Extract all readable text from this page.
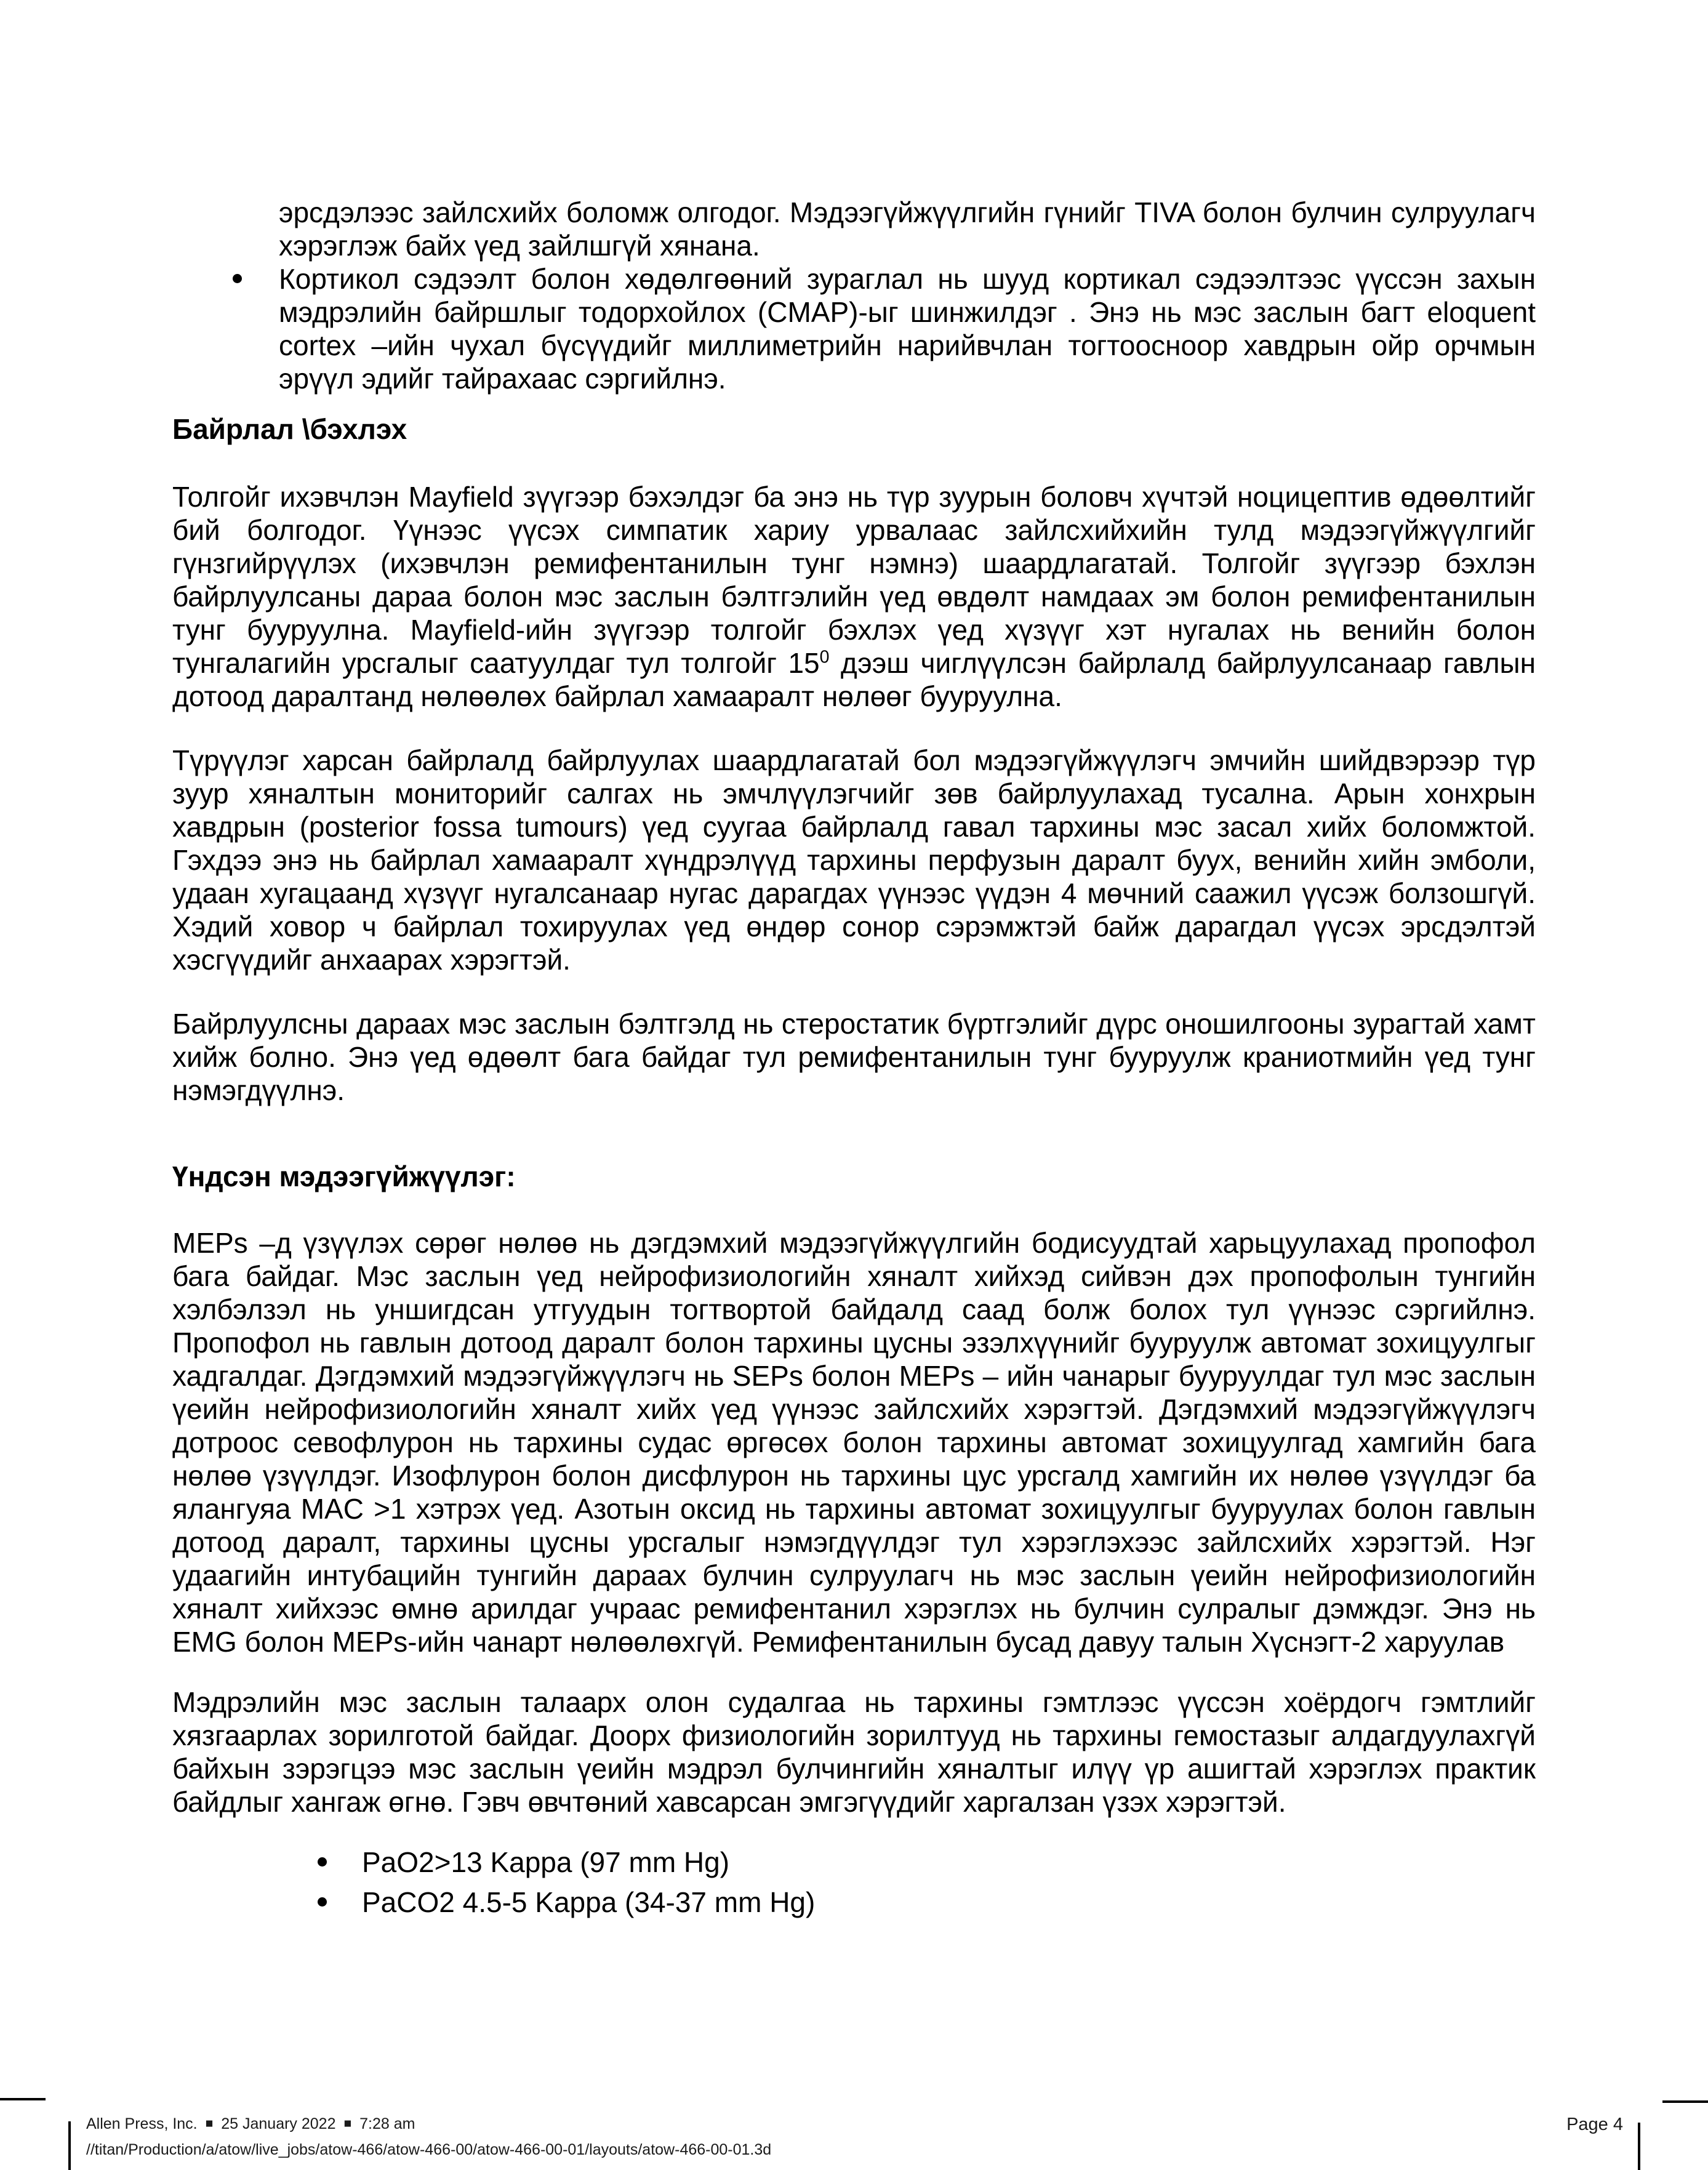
эрсдэлээс зайлсхийх боломж олгодог. Мэдээгүйжүүлгийн гүнийг TIVA болон булчин сулруулагч хэрэглэж байх үед зайлшгүй хянана.
Кортикол сэдээлт болон хөдөлгөөний зураглал нь шууд кортикал сэдээлтээс үүссэн захын мэдрэлийн байршлыг тодорхойлох (CMAP)-ыг шинжилдэг . Энэ нь мэс заслын багт eloquent cortex –ийн чухал бүсүүдийг миллиметрийн нарийвчлан тогтоосноор хавдрын ойр орчмын эрүүл эдийг тайрахаас сэргийлнэ.
Байрлал \бэхлэх

Толгойг ихэвчлэн Mayfield зүүгээр бэхэлдэг ба энэ нь түр зуурын боловч хүчтэй ноцицептив өдөөлтийг бий болгодог. Үүнээс үүсэх симпатик хариу урвалаас зайлсхийхийн тулд мэдээгүйжүүлгийг гүнзгийрүүлэх (ихэвчлэн ремифентанилын тунг нэмнэ) шаардлагатай. Толгойг зүүгээр бэхлэн байрлуулсаны дараа болон мэс заслын бэлтгэлийн үед өвдөлт намдаах эм болон ремифентанилын тунг бууруулна. Mayfield-ийн зүүгээр толгойг бэхлэх үед хүзүүг хэт нугалах нь венийн болон тунгалагийн урсгалыг саатуулдаг тул толгойг $15^0$ дээш чиглүүлсэн байрлалд байрлуулсанаар гавлын дотоод даралтанд нөлөөлөх байрлал хамааралт нөлөөг бууруулна.

Түрүүлэг харсан байрлалд байрлуулах шаардлагатай бол мэдээгүйжүүлэгч эмчийн шийдвэрээр түр зуур хяналтын мониторийг салгах нь эмчлүүлэгчийг зөв байрлуулахад тусална. Арын хонхрын хавдрын (posterior fossa tumours) үед суугаа байрлалд гавал тархины мэс засал хийх боломжтой. Гэхдээ энэ нь байрлал хамааралт хүндрэлүүд тархины перфузын даралт буух, венийн хийн эмболи, удаан хугацаанд хүзүүг нугалсанаар нугас дарагдах үүнээс үүдэн 4 мөчний саажил үүсэж болзошгүй. Хэдий ховор ч байрлал тохируулах үед өндөр сонор сэрэмжтэй байж дарагдал үүсэх эрсдэлтэй хэсгүүдийг анхаарах хэрэгтэй.

Байрлуулсны дараах мэс заслын бэлтгэлд нь стеростатик бүртгэлийг дүрс оношилгооны зурагтай хамт хийж болно. Энэ үед өдөөлт бага байдаг тул ремифентанилын тунг бууруулж краниотмийн үед тунг нэмэгдүүлнэ.

Үндсэн мэдээгүйжүүлэг:

MEPs –д үзүүлэх сөрөг нөлөө нь дэгдэмхий мэдээгүйжүүлгийн бодисуудтай харьцуулахад пропофол бага байдаг. Мэс заслын үед нейрофизиологийн хяналт хийхэд сийвэн дэх пропофолын тунгийн хэлбэлзэл нь уншигдсан утгуудын тогтвортой байдалд саад болж болох тул үүнээс сэргийлнэ. Пропофол нь гавлын дотоод даралт болон тархины цусны эзэлхүүнийг бууруулж автомат зохицуулгыг хадгалдаг. Дэгдэмхий мэдээгүйжүүлэгч нь SEPs болон MEPs – ийн чанарыг бууруулдаг тул мэс заслын үеийн нейрофизиологийн хяналт хийх үед үүнээс зайлсхийх хэрэгтэй. Дэгдэмхий мэдээгүйжүүлэгч дотроос севофлурон нь тархины судас өргөсөх болон тархины автомат зохицуулгад хамгийн бага нөлөө үзүүлдэг. Изофлурон болон дисфлурон нь тархины цус урсгалд хамгийн их нөлөө үзүүлдэг ба ялангуяа MAC >1 хэтрэх үед. Азотын оксид нь тархины автомат зохицуулгыг бууруулах болон гавлын дотоод даралт, тархины цусны урсгалыг нэмэгдүүлдэг тул хэрэглэхээс зайлсхийх хэрэгтэй. Нэг удаагийн интубацийн тунгийн дараах булчин сулруулагч нь мэс заслын үеийн нейрофизиологийн хяналт хийхээс өмнө арилдаг учраас ремифентанил хэрэглэх нь булчин сулралыг дэмждэг. Энэ нь EMG болон MEPs-ийн чанарт нөлөөлөхгүй. Ремифентанилын бусад давуу талын Хүснэгт-2 харуулав

Мэдрэлийн мэс заслын талаарх олон судалгаа нь тархины гэмтлээс үүссэн хоёрдогч гэмтлийг хязгаарлах зорилготой байдаг. Доорх физиологийн зорилтууд нь тархины гемостазыг алдагдуулахгүй байхын зэрэгцээ мэс заслын үеийн мэдрэл булчингийн хяналтыг илүү үр ашигтай хэрэглэх практик байдлыг хангаж өгнө. Гэвч өвчтөний хавсарсан эмгэгүүдийг харгалзан үзэх хэрэгтэй.

PaO2>13 Kappa (97 mm Hg)
PaCO2 4.5-5 Kappa (34-37 mm Hg)
Allen Press, Inc. ■ 25 January 2022 ■ 7:28 am
//titan/Production/a/atow/live_jobs/atow-466/atow-466-00/atow-466-00-01/layouts/atow-466-00-01.3d
Page 4
